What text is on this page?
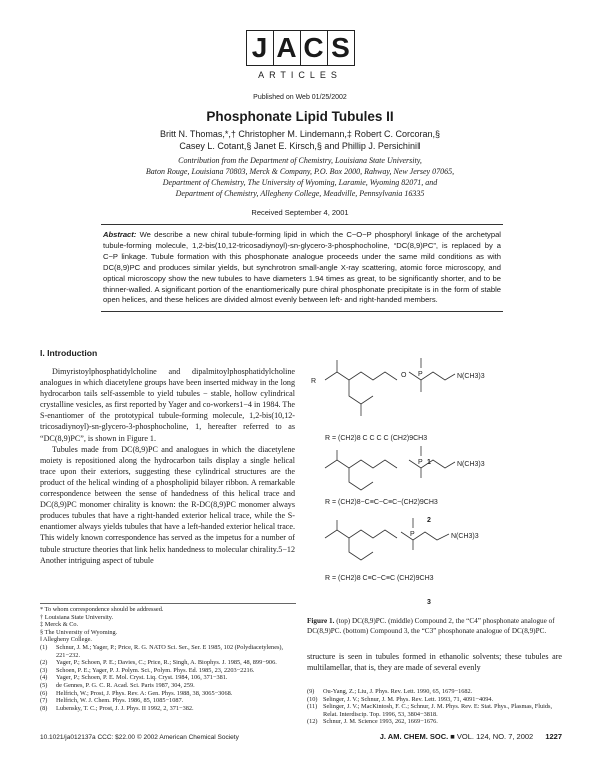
J A C S
ARTICLES
Published on Web 01/25/2002
Phosphonate Lipid Tubules II
Britt N. Thomas,*,† Christopher M. Lindemann,‡ Robert C. Corcoran,§
Casey L. Cotant,§ Janet E. Kirsch,§ and Phillip J. Persichini‖
Contribution from the Department of Chemistry, Louisiana State University,
Baton Rouge, Louisiana 70803, Merck & Company, P.O. Box 2000, Rahway, New Jersey 07065,
Department of Chemistry, The University of Wyoming, Laramie, Wyoming 82071, and
Department of Chemistry, Allegheny College, Meadville, Pennsylvania 16335
Received September 4, 2001
Abstract: We describe a new chiral tubule-forming lipid in which the C−O−P phosphoryl linkage of the archetypal tubule-forming molecule, 1,2-bis(10,12-tricosadiynoyl)-sn-glycero-3-phosphocholine, “DC(8,9)PC”, is replaced by a C−P linkage. Tubule formation with this phosphonate analogue proceeds under the same mild conditions as with DC(8,9)PC and produces similar yields, but synchrotron small-angle X-ray scattering, atomic force microscopy, and optical microscopy show the new tubules to have diameters 1.94 times as great, to be significantly shorter, and to be thinner-walled. A significant portion of the enantiomerically pure chiral phosphonate precipitate is in the form of stable open helices, and these helices are divided almost evenly between left- and right-handed members.
I. Introduction

Dimyristoylphosphatidylcholine and dipalmitoylphosphatidylcholine analogues in which diacetylene groups have been inserted midway in the long hydrocarbon tails self-assemble to yield tubules − stable, hollow cylindrical crystalline vesicles, as first reported by Yager and co-workers1−4 in 1984. The S-enantiomer of the prototypical tubule-forming molecule, 1,2-bis(10,12-tricosadiynoyl)-sn-glycero-3-phosphocholine, 1, hereafter referred to as “DC(8,9)PC”, is shown in Figure 1.

Tubules made from DC(8,9)PC and analogues in which the diacetylene moiety is repositioned along the hydrocarbon tails display a single helical trace upon their exteriors, suggesting these cylindrical structures are the product of the helical winding of a phospholipid bilayer ribbon. A remarkable correspondence between the sense of handedness of this helical trace and DC(8,9)PC monomer chirality is known: the R-DC(8,9)PC monomer always produces tubules that have a right-handed exterior helical trace, while the S- enantiomer always yields tubules that have a left-handed exterior helical trace. This widely known correspondence has served as the impetus for a number of tubule structure theories that link helix handedness to molecular chirality.5−12 Another intriguing aspect of tubule

R
O P	N(CH3)3
R = (CH2)8 C C C C (CH2)9CH3
1
P	N(CH3)3
R = (CH2)8−C≡C−C≡C−(CH2)9CH3
2
P	N(CH3)3
R = (CH2)8 C≡C−C≡C (CH2)9CH3
3
Figure 1. (top) DC(8,9)PC. (middle) Compound 2, the “C4” phosphonate analogue of DC(8,9)PC. (bottom) Compound 3, the “C3” phosphonate analogue of DC(8,9)PC.
structure is seen in tubules formed in ethanolic solvents; these tubules are multilamellar, that is, they are made of several evenly
* To whom correspondence should be addressed.
† Louisiana State University.
‡ Merck & Co.
§ The University of Wyoming.
‖ Allegheny College.
(1)	Schnur, J. M.; Yager, P.; Price, R. G. NATO Sci. Ser., Ser. E 1985, 102 (Polydiacetylenes), 221−232.
(2)	Yager, P.; Schoen, P. E.; Davies, C.; Price, R.; Singh, A. Biophys. J. 1985, 48, 899−906.
(3)	Schoen, P. E.; Yager, P. J. Polym. Sci., Polym. Phys. Ed. 1985, 23, 2203−2216.
(4)	Yager, P.; Schoen, P. E. Mol. Cryst. Liq. Cryst. 1984, 106, 371−381.
(5)	de Gennes, P. G. C. R. Acad. Sci. Paris 1987, 304, 259.
(6)	Helfrich, W.; Prost, J. Phys. Rev. A: Gen. Phys. 1988, 38, 3065−3068.
(7)	Helfrich, W. J. Chem. Phys. 1986, 85, 1085−1087.
(8)	Lubensky, T. C.; Prost, J. J. Phys. II 1992, 2, 371−382.
(9)	Ou-Yang, Z.; Liu, J. Phys. Rev. Lett. 1990, 65, 1679−1682.
(10) Selinger, J. V.; Schnur, J. M. Phys. Rev. Lett. 1993, 71, 4091−4094.
(11) Selinger, J. V.; MacKintosh, F. C.; Schnur, J. M. Phys. Rev. E: Stat. Phys., Plasmas, Fluids, Relat. Interdiscip. Top. 1996, 53, 3804−3818.
(12) Schnur, J. M. Science 1993, 262, 1669−1676.
10.1021/ja012137a CCC: $22.00 © 2002 American Chemical Society	J. AM. CHEM. SOC. ■ VOL. 124, NO. 7, 2002 1227
